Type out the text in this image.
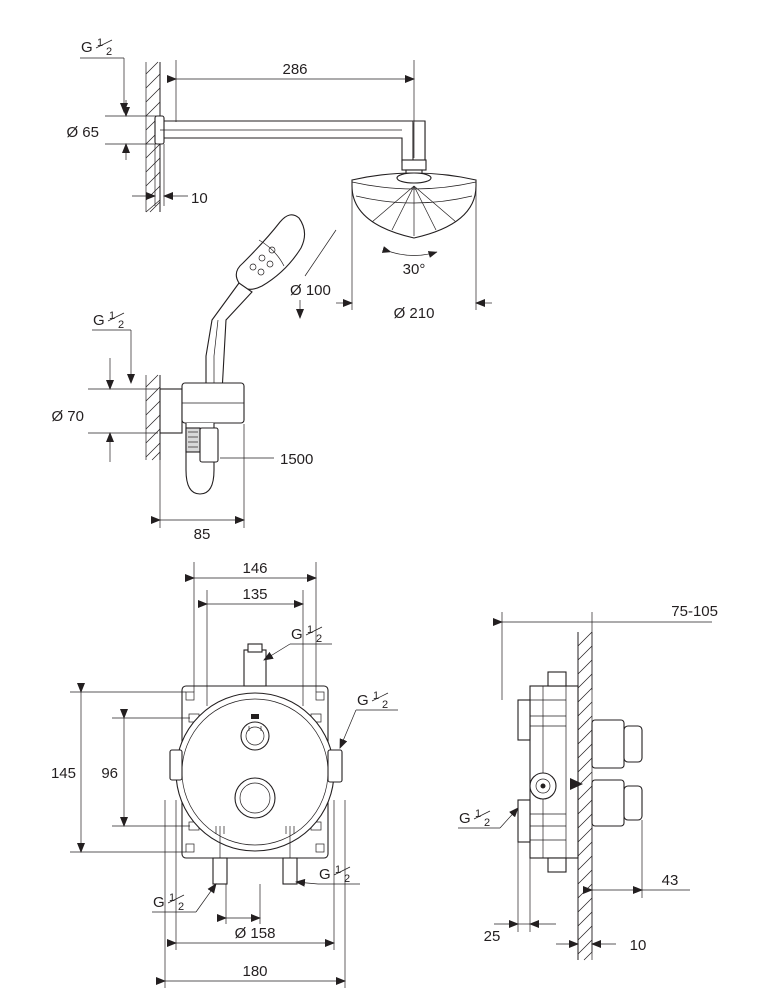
30°
286
G 1
2
Ø 65
10
Ø 100
Ø 210
G 1
2
Ø 70
1500
85
146
135
G 1
2
G 1
2
145 96
G 1
2
G 1
2
Ø 158
180
75-105
G 1
2
25
43
10
